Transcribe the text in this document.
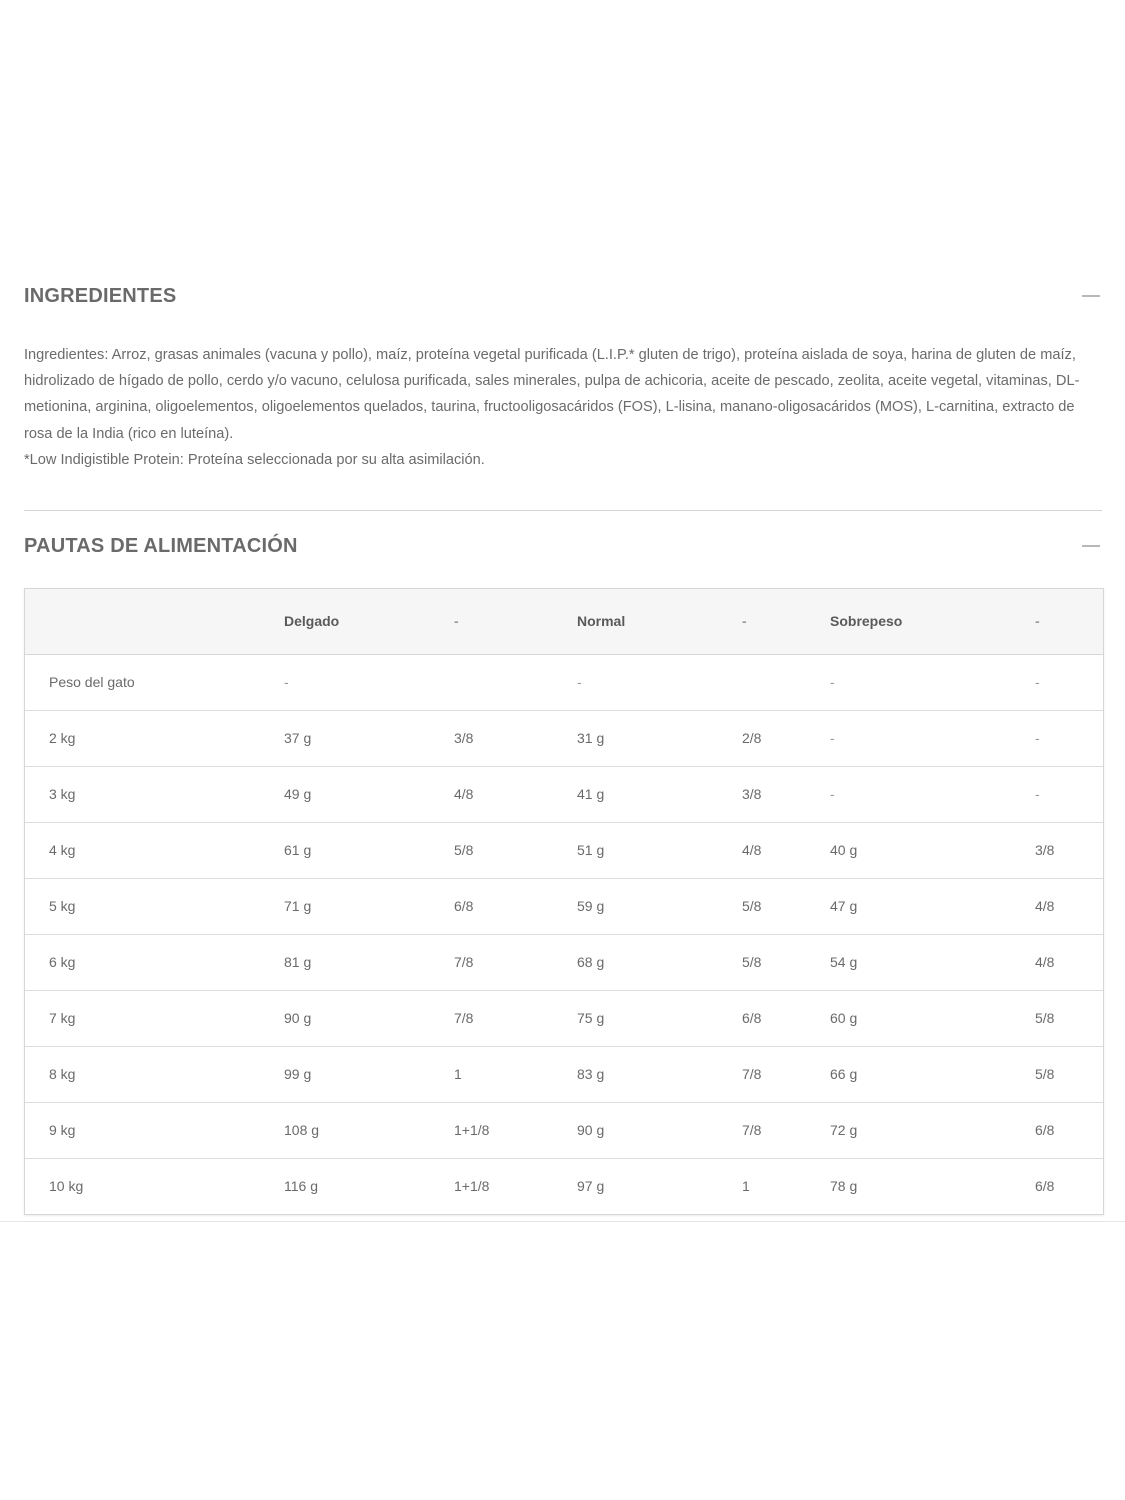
INGREDIENTES
Ingredientes: Arroz, grasas animales (vacuna y pollo), maíz, proteína vegetal purificada (L.I.P.* gluten de trigo), proteína aislada de soya, harina de gluten de maíz, hidrolizado de hígado de pollo, cerdo y/o vacuno, celulosa purificada, sales minerales, pulpa de achicoria, aceite de pescado, zeolita, aceite vegetal, vitaminas, DL-metionina, arginina, oligoelementos, oligoelementos quelados, taurina, fructooligosacáridos (FOS), L-lisina, manano-oligosacáridos (MOS), L-carnitina, extracto de rosa de la India (rico en luteína).
*Low Indigistible Protein: Proteína seleccionada por su alta asimilación.
PAUTAS DE ALIMENTACIÓN
	Delgado	-	Normal	-	Sobrepeso	-
Peso del gato	-		-		-	-
2 kg	37 g	3/8	31 g	2/8	-	-
3 kg	49 g	4/8	41 g	3/8	-	-
4 kg	61 g	5/8	51 g	4/8	40 g	3/8
5 kg	71 g	6/8	59 g	5/8	47 g	4/8
6 kg	81 g	7/8	68 g	5/8	54 g	4/8
7 kg	90 g	7/8	75 g	6/8	60 g	5/8
8 kg	99 g	1	83 g	7/8	66 g	5/8
9 kg	108 g	1+1/8	90 g	7/8	72 g	6/8
10 kg	116 g	1+1/8	97 g	1	78 g	6/8
